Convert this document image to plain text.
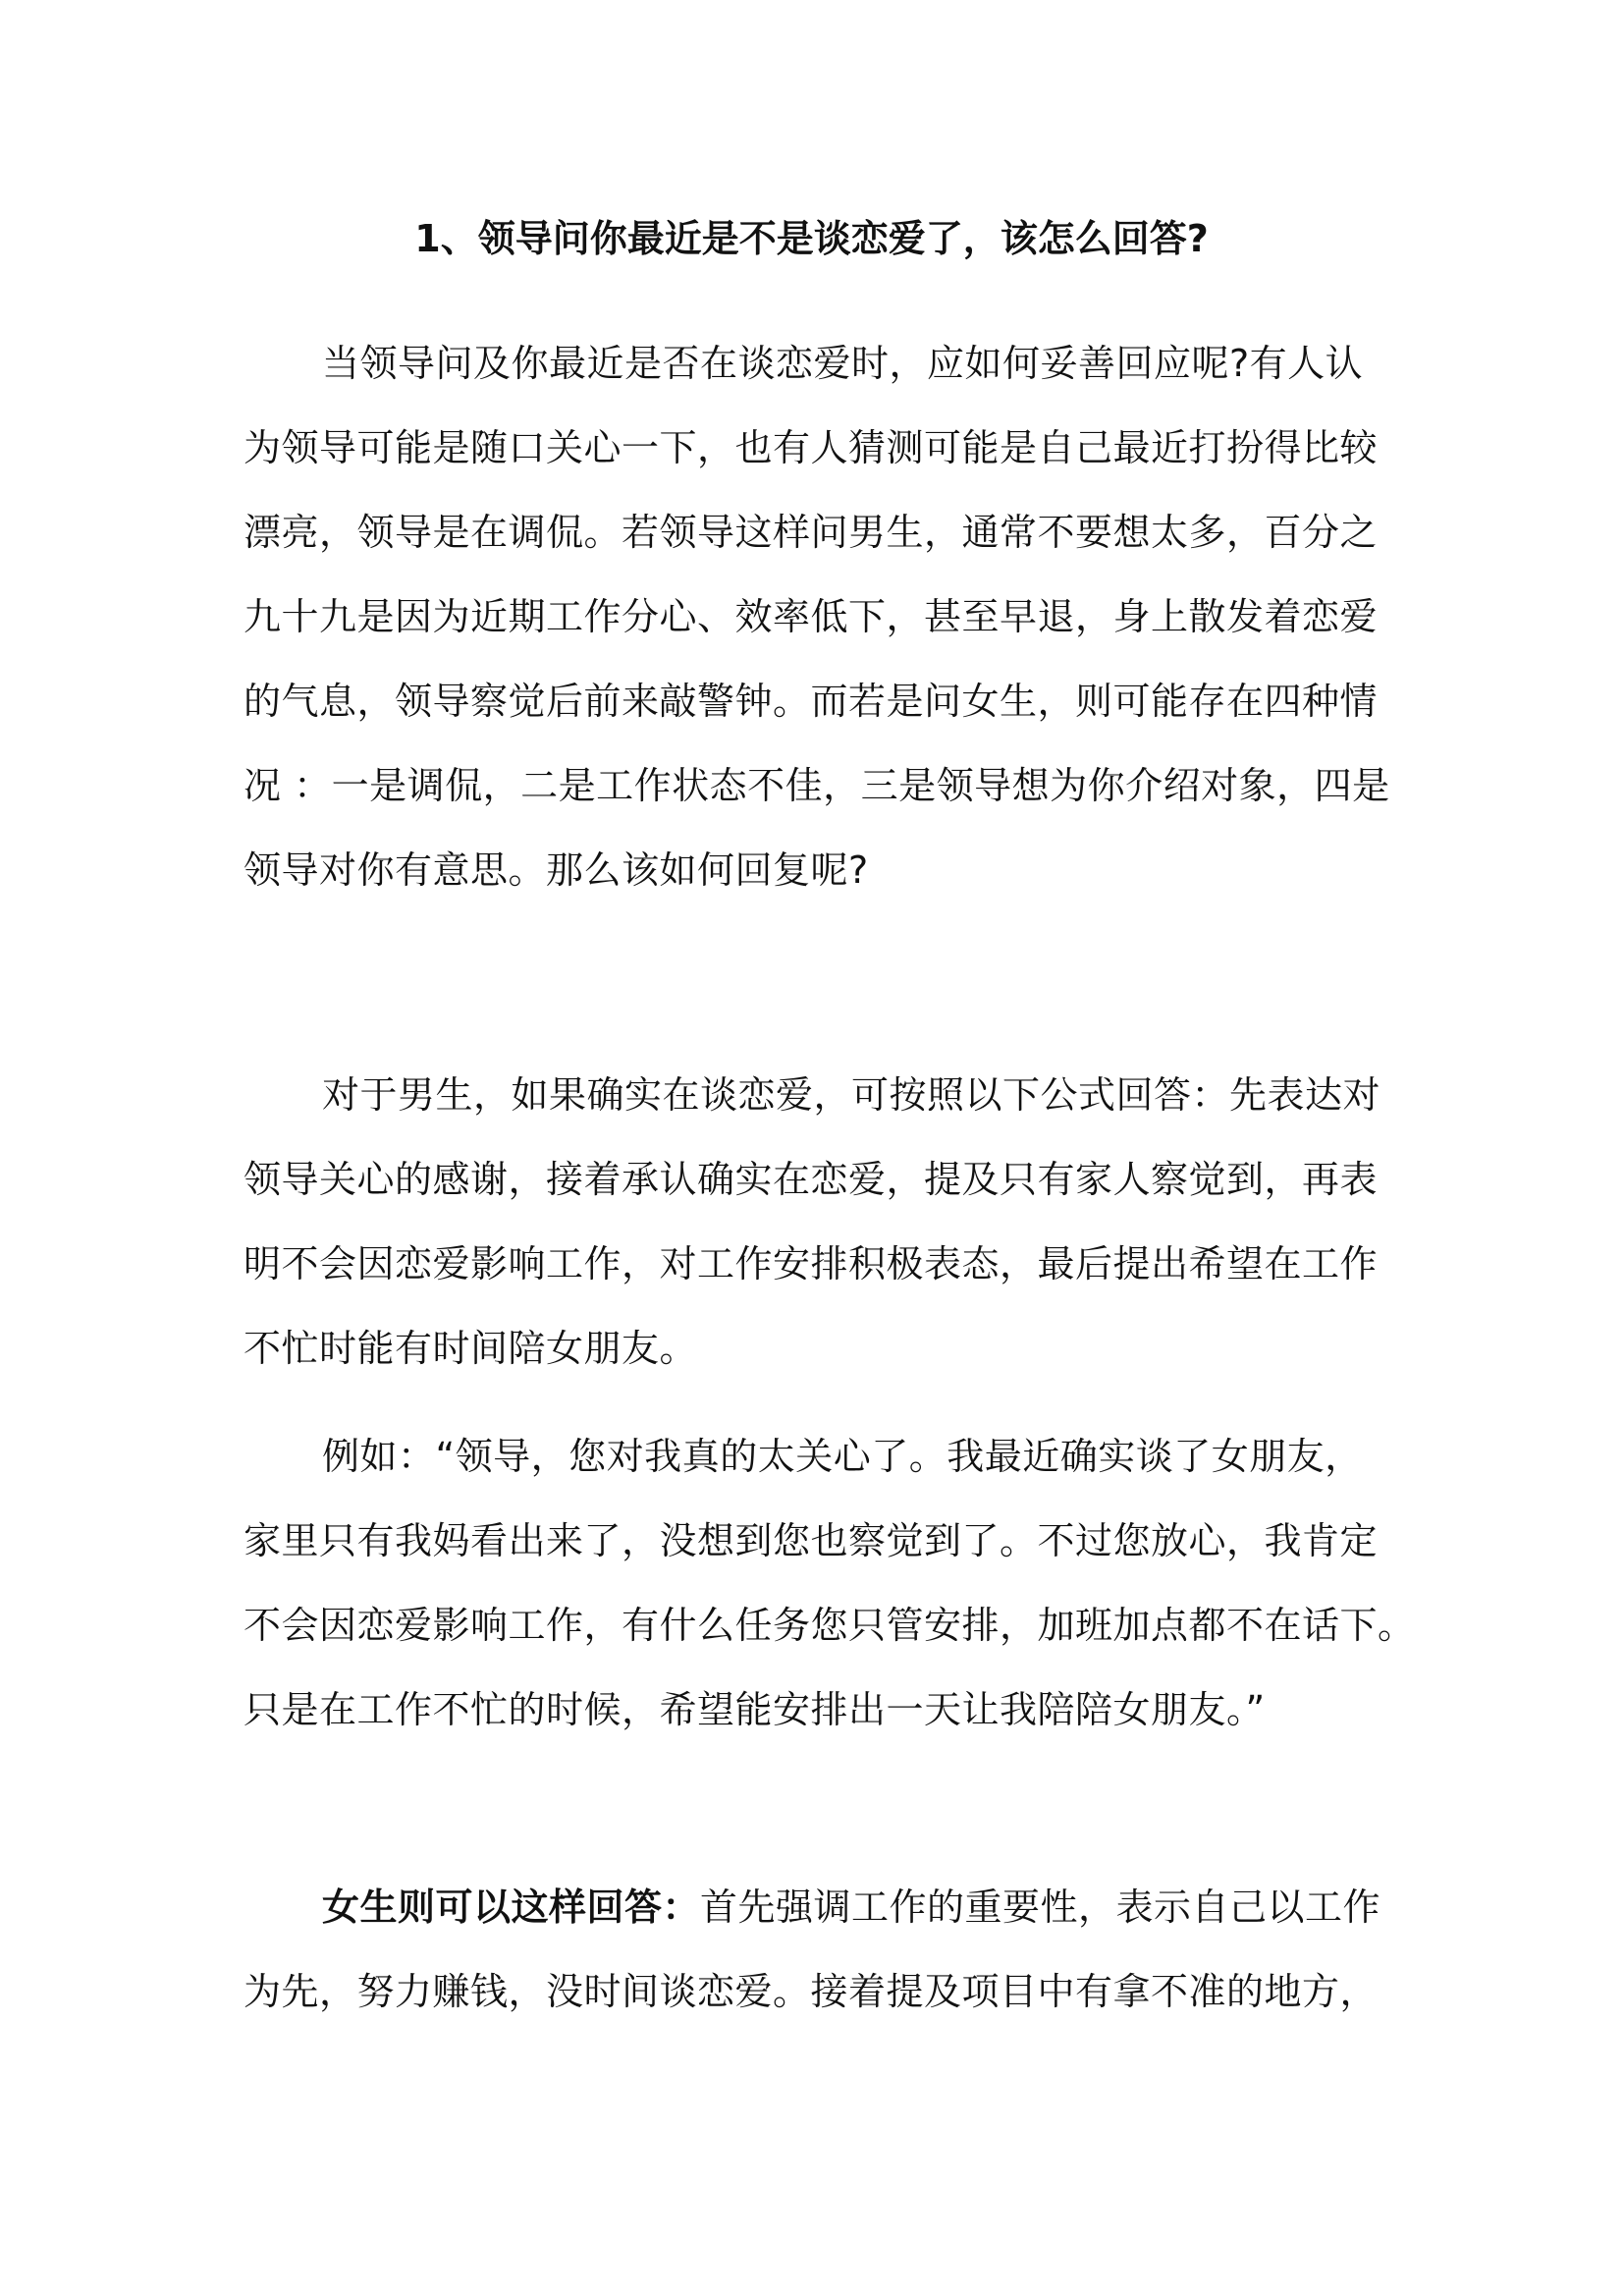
1、领导问你最近是不是谈恋爱了，该怎么回答?
当领导问及你最近是否在谈恋爱时，应如何妥善回应呢?有人认
为领导可能是随口关心一下，也有人猜测可能是自己最近打扮得比较
漂亮，领导是在调侃。若领导这样问男生，通常不要想太多，百分之
九十九是因为近期工作分心、效率低下，甚至早退，身上散发着恋爱
的气息，领导察觉后前来敲警钟。而若是问女生，则可能存在四种情
况 ：一是调侃，二是工作状态不佳，三是领导想为你介绍对象，四是
领导对你有意思。那么该如何回复呢?
对于男生，如果确实在谈恋爱，可按照以下公式回答：先表达对
领导关心的感谢，接着承认确实在恋爱，提及只有家人察觉到，再表
明不会因恋爱影响工作，对工作安排积极表态，最后提出希望在工作
不忙时能有时间陪女朋友。
例如：“领导，您对我真的太关心了。我最近确实谈了女朋友，
家里只有我妈看出来了，没想到您也察觉到了。不过您放心，我肯定
不会因恋爱影响工作，有什么任务您只管安排，加班加点都不在话下。
只是在工作不忙的时候，希望能安排出一天让我陪陪女朋友。”
女生则可以这样回答：首先强调工作的重要性，表示自己以工作
为先，努力赚钱，没时间谈恋爱。接着提及项目中有拿不准的地方，
